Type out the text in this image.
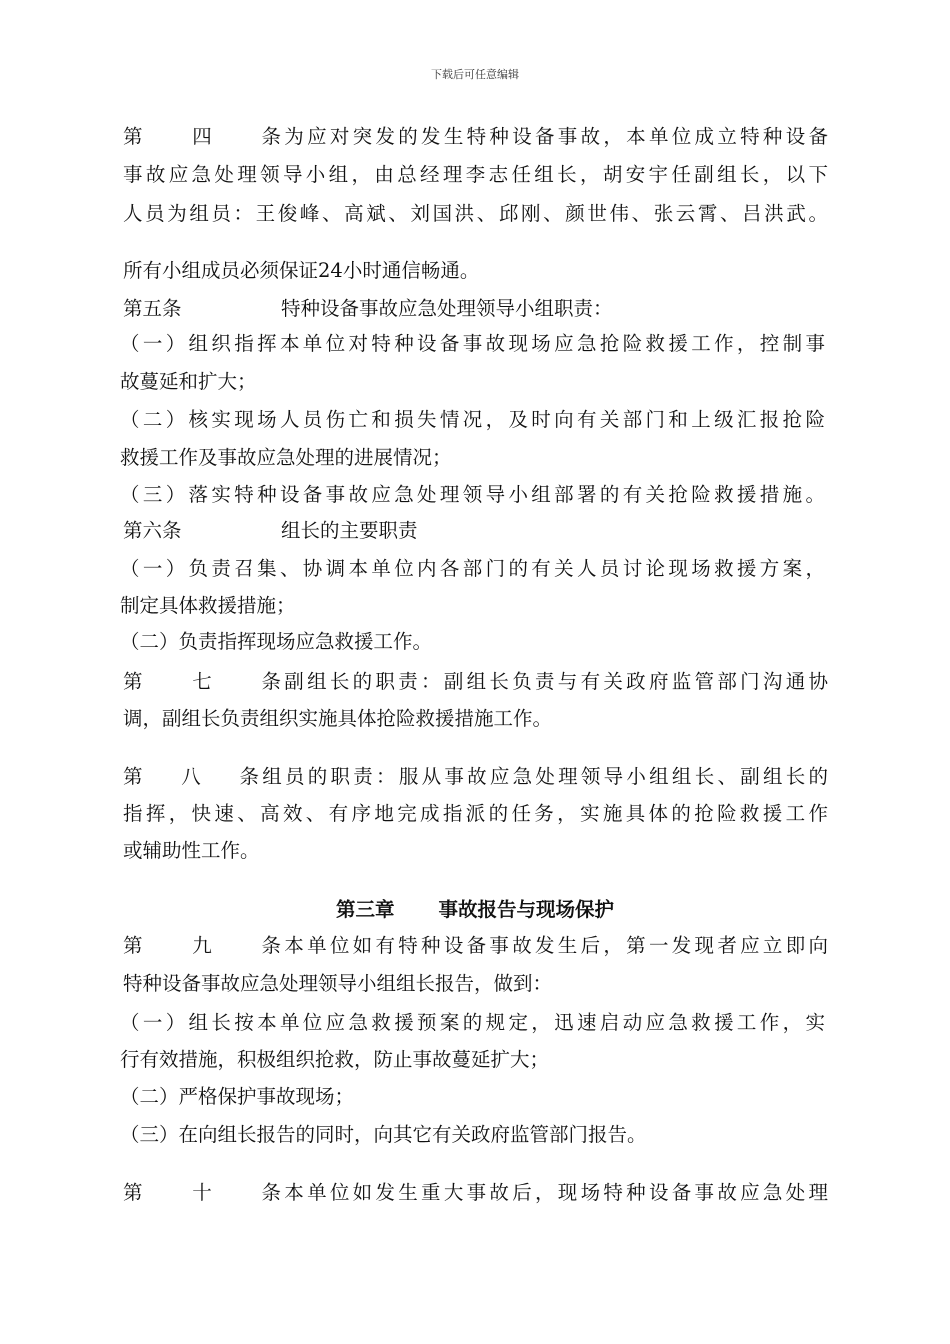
下载后可任意编辑
第四条为应对突发的发生特种设备事故，本单位成立特种设备
事故应急处理领导小组，由总经理李志任组长，胡安宇任副组长，以下
人员为组员：王俊峰、高斌、刘国洪、邱刚、颜世伟、张云霄、吕洪武。
所有小组成员必须保证24小时通信畅通。
第五条	特种设备事故应急处理领导小组职责：
（一）组织指挥本单位对特种设备事故现场应急抢险救援工作，控制事
故蔓延和扩大；
（二）核实现场人员伤亡和损失情况，及时向有关部门和上级汇报抢险
救援工作及事故应急处理的进展情况；
（三）落实特种设备事故应急处理领导小组部署的有关抢险救援措施。
第六条	组长的主要职责
（一）负责召集、协调本单位内各部门的有关人员讨论现场救援方案，
制定具体救援措施；
（二）负责指挥现场应急救援工作。
第七条副组长的职责：副组长负责与有关政府监管部门沟通协
调，副组长负责组织实施具体抢险救援措施工作。
第八条组员的职责：服从事故应急处理领导小组组长、副组长的
指挥，快速、高效、有序地完成指派的任务，实施具体的抢险救援工作
或辅助性工作。
第三章 事故报告与现场保护
第九条本单位如有特种设备事故发生后，第一发现者应立即向
特种设备事故应急处理领导小组组长报告，做到：
（一）组长按本单位应急救援预案的规定，迅速启动应急救援工作，实
行有效措施，积极组织抢救，防止事故蔓延扩大；
（二）严格保护事故现场；
（三）在向组长报告的同时，向其它有关政府监管部门报告。
第十条本单位如发生重大事故后，现场特种设备事故应急处理
